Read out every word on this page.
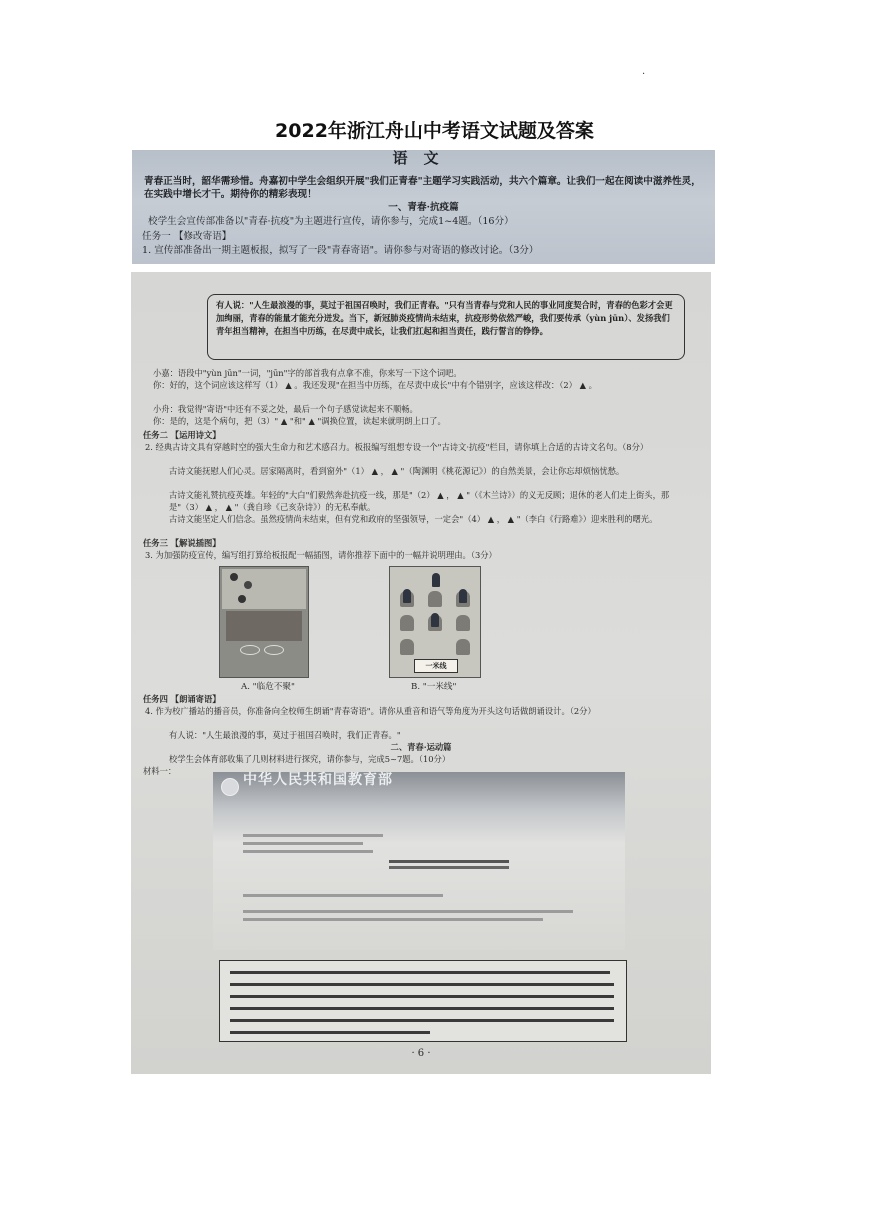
.
2022年浙江舟山中考语文试题及答案
语文
青春正当时，韶华需珍惜。舟嘉初中学生会组织开展"我们正青春"主题学习实践活动，共六个篇章。让我们一起在阅读中滋养性灵，在实践中增长才干。期待你的精彩表现！
一、青春·抗疫篇
校学生会宣传部准备以"青春·抗疫"为主题进行宣传，请你参与，完成1~4题。（16分）
任务一 【修改寄语】
1. 宣传部准备出一期主题板报，拟写了一段"青春寄语"。请你参与对寄语的修改讨论。（3分）
有人说："人生最浪漫的事，莫过于祖国召唤时，我们正青春。"只有当青春与党和人民的事业同度契合时，青春的色彩才会更加绚丽，青春的能量才能充分迸发。当下，新冠肺炎疫情尚未结束，抗疫形势依然严峻，我们要传承（yùn jūn）、发扬我们青年担当精神，在担当中历练，在尽责中成长，让我们扛起和担当责任，践行誓言的铮铮。
小嘉：语段中"yùn jūn"一词，"jūn"字的部首我有点拿不准，你来写一下这个词吧。
你：好的，这个词应该这样写（1） ▲ 。我还发现"在担当中历练，在尽责中成长"中有个错别字，应该这样改：（2） ▲ 。
小舟：我觉得"寄语"中还有不妥之处，最后一个句子感觉读起来不顺畅。
你：是的，这是个病句，把（3）" ▲ "和" ▲ "调换位置，读起来就明朗上口了。
任务二 【运用诗文】
2. 经典古诗文具有穿越时空的强大生命力和艺术感召力。板报编写组想专设一个"古诗文·抗疫"栏目，请你填上合适的古诗文名句。（8分）
古诗文能抚慰人们心灵。居家隔离时，看到窗外"（1） ▲ ， ▲ "（陶渊明《桃花源记》）的自然美景，会让你忘却烦恼忧愁。
古诗文能礼赞抗疫英雄。年轻的"大白"们毅然奔赴抗疫一线，那是"（2） ▲ ， ▲ "（《木兰诗》）的义无反顾；退休的老人们走上街头，那是"（3） ▲ ， ▲ "（龚自珍《己亥杂诗》）的无私奉献。
古诗文能坚定人们信念。虽然疫情尚未结束，但有党和政府的坚强领导，一定会"（4） ▲ ， ▲ "（李白《行路难》）迎来胜利的曙光。
任务三 【解说插图】
3. 为加强防疫宣传，编写组打算给板报配一幅插图，请你推荐下面中的一幅并说明理由。（3分）
一米线
A. "临危不聚"	B. "一米线"
任务四 【朗诵寄语】
4. 作为校广播站的播音员，你准备向全校师生朗诵"青春寄语"。请你从重音和语气等角度为开头这句话做朗诵设计。（2分）
有人说："人生最浪漫的事，莫过于祖国召唤时，我们正青春。"
二、青春·运动篇
校学生会体育部收集了几则材料进行探究，请你参与，完成5~7题。（10分）
材料一：
中华人民共和国教育部
· 6 ·
